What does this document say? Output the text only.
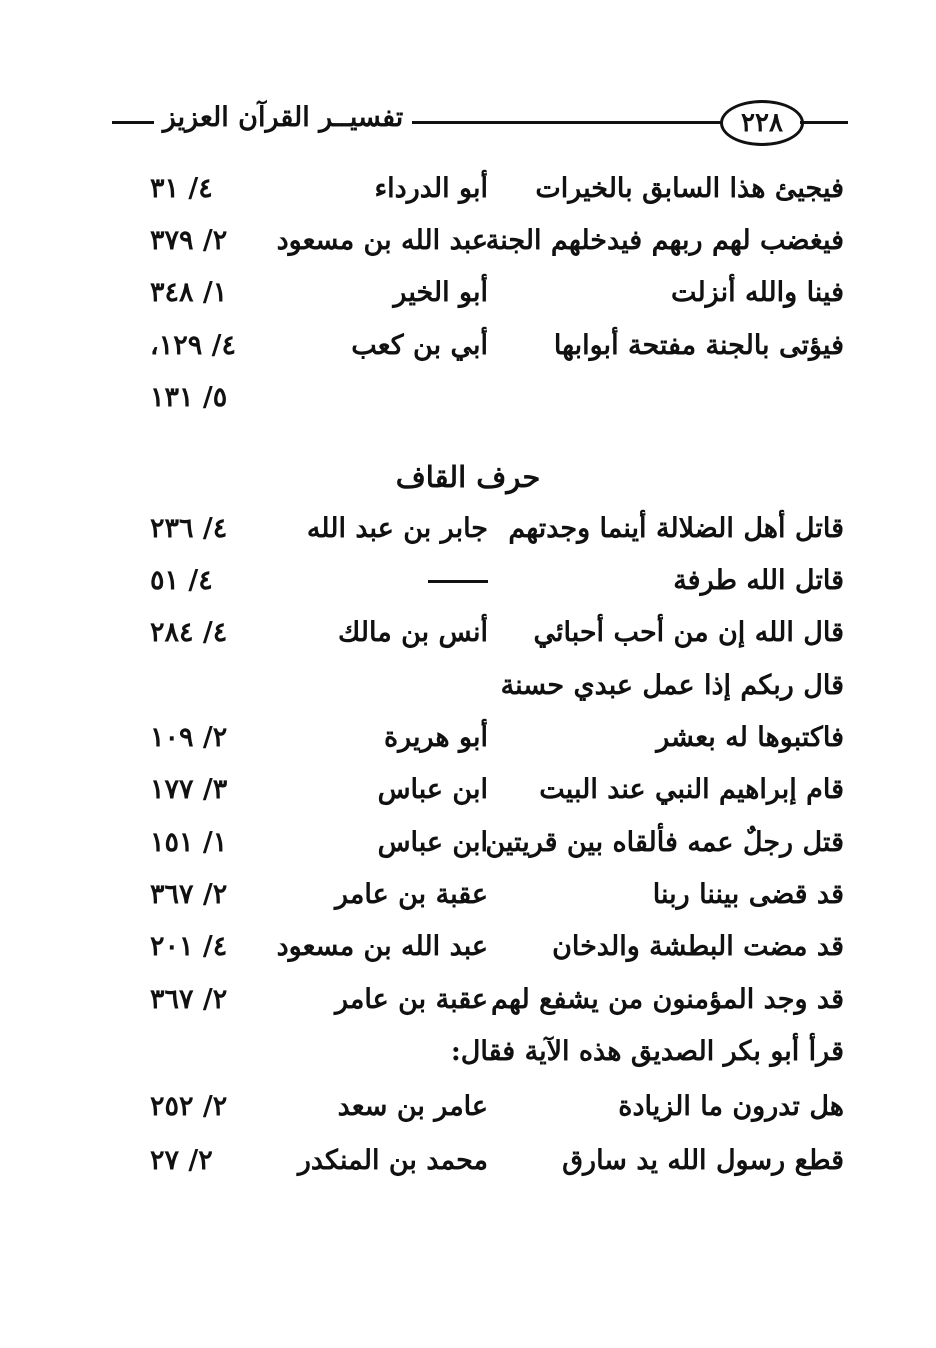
تفسيــر القرآن العزيز	٢٢٨
فيجيئ هذا السابق بالخيرات
أبو الدرداء
٤/ ٣١
فيغضب لهم ربهم فيدخلهم الجنة
عبد الله بن مسعود
٢/ ٣٧٩
فينا والله أنزلت
أبو الخير
١/ ٣٤٨
فيؤتى بالجنة مفتحة أبوابها
أبي بن كعب
٤/ ١٢٩،
٥/ ١٣١
حرف القاف
قاتل أهل الضلالة أينما وجدتهم
جابر بن عبد الله
٤/ ٢٣٦
قاتل الله طرفة
٤/ ٥١
قال الله إن من أحب أحبائي
أنس بن مالك
٤/ ٢٨٤
قال ربكم إذا عمل عبدي حسنة
فاكتبوها له بعشر
أبو هريرة
٢/ ١٠٩
قام إبراهيم النبي عند البيت
ابن عباس
٣/ ١٧٧
قتل رجلٌ عمه فألقاه بين قريتين
ابن عباس
١/ ١٥١
قد قضى بيننا ربنا
عقبة بن عامر
٢/ ٣٦٧
قد مضت البطشة والدخان
عبد الله بن مسعود
٤/ ٢٠١
قد وجد المؤمنون من يشفع لهم
عقبة بن عامر
٢/ ٣٦٧
قرأ أبو بكر الصديق هذه الآية فقال:
هل تدرون ما الزيادة
عامر بن سعد
٢/ ٢٥٢
قطع رسول الله يد سارق
محمد بن المنكدر
٢/ ٢٧
